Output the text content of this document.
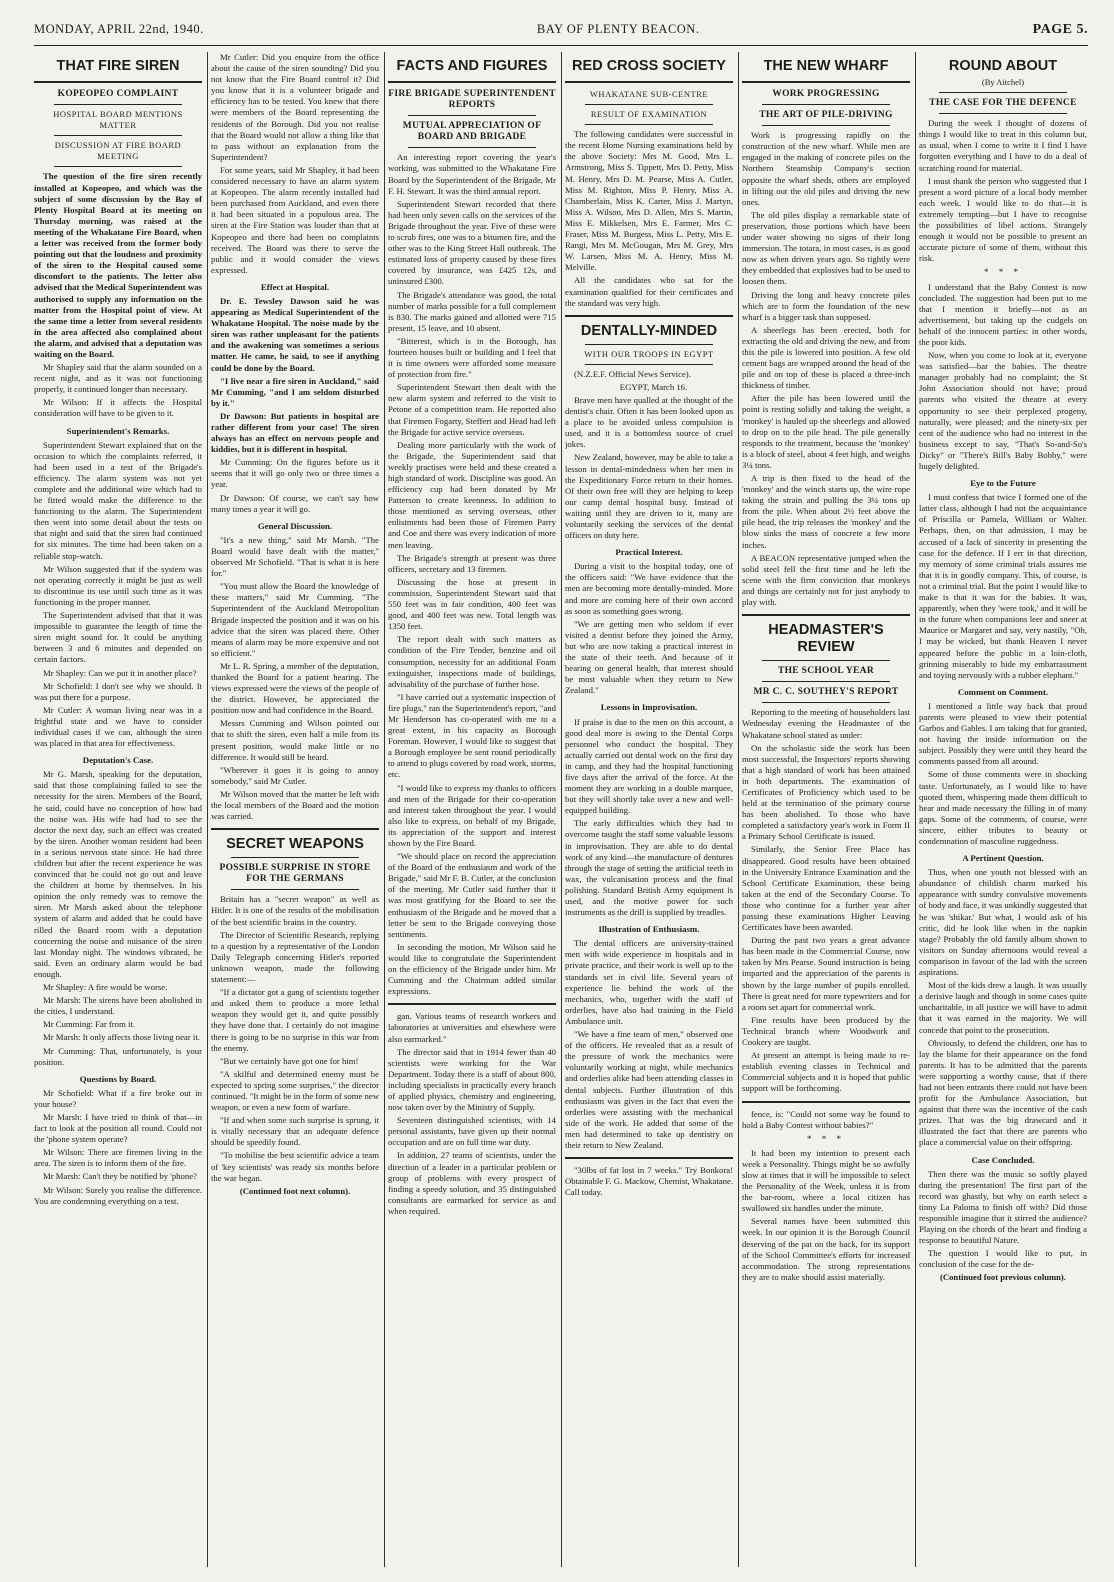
MONDAY, APRIL 22nd, 1940.	BAY OF PLENTY BEACON.	PAGE 5.
THAT FIRE SIREN
KOPEOPEO COMPLAINT
HOSPITAL BOARD MENTIONS MATTER
DISCUSSION AT FIRE BOARD MEETING

The question of the fire siren recently installed at Kopeopeo, and which was the subject of some discussion by the Bay of Plenty Hospital Board at its meeting on Thursday morning, was raised at the meeting of the Whakatane Fire Board, when a letter was received from the former body pointing out that the loudness and proximity of the siren to the Hospital caused some discomfort to the patients. The letter also advised that the Medical Superintendent was authorised to supply any information on the matter from the Hospital point of view. At the same time a letter from several residents in the area affected also complained about the alarm, and advised that a deputation was waiting on the Board.

Mr Shapley said that the alarm sounded on a recent night, and as it was not functioning properly, it continued longer than necessary.

Mr Wilson: If it affects the Hospital consideration will have to be given to it.

Superintendent's Remarks.

Superintendent Stewart explained that on the occasion to which the complaints referred, it had been used in a test of the Brigade's efficiency. The alarm system was not yet complete and the additional wire which had to be fitted would make the difference to the functioning to the alarm. The Superintendent then went into some detail about the tests on that night and said that the siren had continued for six minutes. The time had been taken on a reliable stop-watch.

Mr Wilson suggested that if the system was not operating correctly it might be just as well to discontinue its use until such time as it was functioning in the proper manner.

The Superintendent advised that that it was impossible to guarantee the length of time the siren might sound for. It could be anything between 3 and 6 minutes and depended on certain factors.

Mr Shapley: Can we put it in another place?

Mr Schofield: I don't see why we should. It was put there for a purpose.

Mr Cutler: A woman living near was in a frightful state and we have to consider individual cases if we can, although the siren was placed in that area for effectiveness.

Deputation's Case.

Mr G. Marsh, speaking for the deputation, said that those complaining failed to see the necessity for the siren. Members of the Board, he said, could have no conception of how bad the noise was. His wife had had to see the doctor the next day, such an effect was created by the siren. Another woman resident had been in a serious nervous state since. He had three children but after the recent experience he was convinced that he could not go out and leave the children at home by themselves. In his opinion the only remedy was to remove the siren. Mr Marsh asked about the telephone system of alarm and added that he could have rilled the Board room with a deputation concerning the noise and nuisance of the siren last Monday night. The windows vibrated, he said. Even an ordinary alarm would be bad enough.

Mr Shapley: A fire would be worse.

Mr Marsh: The sirens have been abolished in the cities, I understand.

Mr Cumming: Far from it.

Mr Marsh: It only affects those living near it.

Mr Cumming: That, unfortunately, is your position.

Questions by Board.

Mr Schofield: What if a fire broke out in your house?

Mr Marsh: I have tried to think of that—in fact to look at the position all round. Could not the 'phone system operate?

Mr Wilson: There are firemen living in the area. The siren is to inform them of the fire.

Mr Marsh: Can't they be notified by 'phone?

Mr Wilson: Surely you realise the difference. You are condemning everything on a test.

Mr Cutler: Did you enquire from the office about the cause of the siren sounding? Did you not know that the Fire Board control it? Did you know that it is a volunteer brigade and efficiency has to be tested. You knew that there were members of the Board representing the residents of the Borough. Did you not realise that the Board would not allow a thing like that to pass without an explanation from the Superintendent?

For some years, said Mr Shapley, it had been considered necessary to have an alarm system at Kopeopeo. The alarm recently installed had been purchased from Auckland, and even there it had been situated in a populous area. The siren at the Fire Station was louder than that at Kopeopeo and there had been no complaints received. The Board was there to serve the public and it would consider the views expressed.

Effect at Hospital.

Dr. E. Tewsley Dawson said he was appearing as Medical Superintendent of the Whakatane Hospital. The noise made by the siren was rather unpleasant for the patients and the awakening was sometimes a serious matter. He came, he said, to see if anything could be done by the Board.

"I live near a fire siren in Auckland," said Mr Cumming, "and I am seldom disturbed by it."

Dr Dawson: But patients in hospital are rather different from your case! The siren always has an effect on nervous people and kiddies, but it is different in hospital.

Mr Cumming: On the figures before us it seems that it will go only two or three times a year.

Dr Dawson: Of course, we can't say how many times a year it will go.

General Discussion.

"It's a new thing," said Mr Marsh. "The Board would have dealt with the matter," observed Mr Schofield. "That is what it is here for."

"You must allow the Board the knowledge of these matters," said Mr Cumming. "The Superintendent of the Auckland Metropolitan Brigade inspected the position and it was on his advice that the siren was placed there. Other means of alarm may be more expensive and not so efficient."

Mr L. R. Spring, a member of the deputation, thanked the Board for a patient hearing. The views expressed were the views of the people of the district. However, he appreciated the position now and had confidence in the Board.

Messrs Cumming and Wilson pointed out that to shift the siren, even half a mile from its present position, would make little or no difference. It would still be heard.

"Wherever it goes it is going to annoy somebody," said Mr Cutler.

Mr Wilson moved that the matter be left with the local members of the Board and the motion was carried.

SECRET WEAPONS
POSSIBLE SURPRISE IN STORE FOR THE GERMANS

Britain has a "secret weapon" as well as Hitler. It is one of the results of the mobilisation of the best scientific brains in the country.

The Director of Scientific Research, replying to a question by a representative of the London Daily Telegraph concerning Hitler's reported unknown weapon, made the following statement:—

"If a dictator got a gang of scientists together and asked them to produce a more lethal weapon they would get it, and quite possibly they have done that. I certainly do not imagine there is going to be no surprise in this war from the enemy.

"But we certainly have got one for him!

"A skilful and determined enemy must be expected to spring some surprises," the director continued. "It might be in the form of some new weapon, or even a new form of warfare.

"If and when some such surprise is sprung, it is vitally necessary that an adequate defence should be speedily found.

"To mobilise the best scientific advice a team of 'key scientists' was ready six months before the war began.

(Continued foot next column).
FACTS AND FIGURES
FIRE BRIGADE SUPERINTENDENT REPORTS
MUTUAL APPRECIATION OF BOARD AND BRIGADE

An interesting report covering the year's working, was submitted to the Whakatane Fire Board by the Superintendent of the Brigade, Mr F. H. Stewart. It was the third annual report.

Superintendent Stewart recorded that there had been only seven calls on the services of the Brigade throughout the year. Five of these were to scrub fires, one was to a bitumen fire, and the other was to the King Street Hall outbreak. The estimated loss of property caused by these fires covered by insurance, was £425 12s, and uninsured £300.

The Brigade's attendance was good, the total number of marks possible for a full complement is 830. The marks gained and allotted were 715 present, 15 leave, and 10 absent.

"Bitterest, which is in the Borough, has fourteen houses built or building and I feel that it is time owners were afforded some measure of protection from fire."

Superintendent Stewart then dealt with the new alarm system and referred to the visit to Petone of a competition team. He reported also that Firemen Fogarty, Steffert and Head had left the Brigade for active service overseas.

Dealing more particularly with the work of the Brigade, the Superintendent said that weekly practises were held and these created a high standard of work. Discipline was good. An efficiency cup had been donated by Mr Patterson to create keenness. In addition to those mentioned as serving overseas, other enlistments had been those of Firemen Parry and Coe and there was every indication of more men leaving.

The Brigade's strength at present was three officers, secretary and 13 firemen.

Discussing the hose at present in commission, Superintendent Stewart said that 550 feet was in fair condition, 400 feet was good, and 400 feet was new. Total length was 1350 feet.

The report dealt with such matters as condition of the Fire Tender, benzine and oil consumption, necessity for an additional Foam extinguisher, inspections made of buildings, advisability of the purchase of further hose.

"I have carried out a systematic inspection of fire plugs," ran the Superintendent's report, "and Mr Henderson has co-operated with me to a great extent, in his capacity as Borough Foreman. However, I would like to suggest that a Borough employee be sent round periodically to attend to plugs covered by road work, storms, etc.

"I would like to express my thanks to officers and men of the Brigade for their co-operation and interest taken throughout the year. I would also like to express, on behalf of my Brigade, its appreciation of the support and interest shown by the Fire Board.

"We should place on record the appreciation of the Board of the enthusiasm and work of the Brigade," said Mr F. B. Cutler, at the conclusion of the meeting. Mr Cutler said further that it was most gratifying for the Board to see the enthusiasm of the Brigade and he moved that a letter be sent to the Brigade conveying those sentiments.

In seconding the motion, Mr Wilson said he would like to congratulate the Superintendent on the efficiency of the Brigade under him. Mr Cumming and the Chairman added similar expressions.

gan. Various teams of research workers and laboratories at universities and elsewhere were also earmarked."

The director said that in 1914 fewer than 40 scientists were working for the War Department. Today there is a staff of about 800, including specialists in practically every branch of applied physics, chemistry and engineering, now taken over by the Ministry of Supply.

Seventeen distinguished scientists, with 14 personal assistants, have given up their normal occupation and are on full time war duty.

In addition, 27 teams of scientists, under the direction of a leader in a particular problem or group of problems with every prospect of finding a speedy solution, and 35 distinguished consultants are earmarked for service as and when required.

RED CROSS SOCIETY
WHAKATANE SUB-CENTRE
RESULT OF EXAMINATION

The following candidates were successful in the recent Home Nursing examinations held by the above Society: Mrs M. Good, Mrs L. Armstrong, Miss S. Tippett, Mrs D. Petty, Miss M. Henry, Mrs D. M. Pearse, Miss A. Cutler, Miss M. Righton, Miss P. Henry, Miss A. Chamberlain, Miss K. Carter, Miss J. Martyn, Miss A. Wilson, Mrs D. Allen, Mrs S. Martin, Miss E. Mikkelsen, Mrs E. Farmer, Mrs C. Fraser, Miss M. Burgess, Miss L. Petty, Mrs E. Rangi, Mrs M. McGougan, Mrs M. Grey, Mrs W. Larsen, Miss M. A. Henry, Miss M. Melville.

All the candidates who sat for the examination qualified for their certificates and the standard was very high.

DENTALLY-MINDED
WITH OUR TROOPS IN EGYPT

(N.Z.E.F. Official News Service).

EGYPT, March 16.

Brave men have qualled at the thought of the dentist's chair. Often it has been looked upon as a place to be avoided unless compulsion is used, and it is a bottomless source of cruel jokes.

New Zealand, however, may be able to take a lesson in dental-mindedness when her men in the Expeditionary Force return to their homes. Of their own free will they are helping to keep our camp dental hospital busy. Instead of waiting until they are driven to it, many are voluntarily seeking the services of the dental officers on duty here.

Practical Interest.

During a visit to the hospital today, one of the officers said: "We have evidence that the men are becoming more dentally-minded. More and more are coming here of their own accord as soon as something goes wrong.

"We are getting men who seldom if ever visited a dentist before they joined the Army, but who are now taking a practical interest in the state of their teeth. And because of it bearing on general health, that interest should be most valuable when they return to New Zealand."

Lessons in Improvisation.

If praise is due to the men on this account, a good deal more is owing to the Dental Corps personnel who conduct the hospital. They actually carried out dental work on the first day in camp, and they had the hospital functioning five days after the arrival of the force. At the moment they are working in a double marquee, but they will shortly take over a new and well-equipped building.

The early difficulties which they had to overcome taught the staff some valuable lessons in improvisation. They are able to do dental work of any kind—the manufacture of dentures through the stage of setting the artificial teeth in wax, the vulcanisation process and the final polishing. Standard British Army equipment is used, and the motive power for such instruments as the drill is supplied by treadles.

Illustration of Enthusiasm.

The dental officers are university-trained men with wide experience in hospitals and in private practice, and their work is well up to the standards set in civil life. Several years of experience lie behind the work of the mechanics, who, together with the staff of orderlies, have also had training in the Field Ambulance unit.

"We have a fine team of men," observed one of the officers. He revealed that as a result of the pressure of work the mechanics were voluntarily working at night, while mechanics and orderlies alike had been attending classes in dental subjects. Further illustration of this enthusiasm was given in the fact that even the orderlies were assisting with the mechanical side of the work. He added that some of the men had determined to take up dentistry on their return to New Zealand.

"30lbs of fat lost in 7 weeks." Try Bonkora! Obtainable F. G. Mackow, Chemist, Whakatane. Call today.

THE NEW WHARF
WORK PROGRESSING
THE ART OF PILE-DRIVING

Work is progressing rapidly on the construction of the new wharf. While men are engaged in the making of concrete piles on the Northern Steamship Company's section opposite the wharf sheds, others are employed in lifting out the old piles and driving the new ones.

The old piles display a remarkable state of preservation, those portions which have been under water showing no signs of their long immersion. The totara, in most cases, is as good now as when driven years ago. So tightly were they embedded that explosives had to be used to loosen them.

Driving the long and heavy concrete piles which are to form the foundation of the new wharf is a bigger task than supposed.

A sheerlegs has been erected, both for extracting the old and driving the new, and from this the pile is lowered into position. A few old cement bags are wrapped around the head of the pile and on top of these is placed a three-inch thickness of timber.

After the pile has been lowered until the point is resting solidly and taking the weight, a 'monkey' is hauled up the sheerlegs and allowed to drop on to the pile head. The pile generally responds to the treatment, because the 'monkey' is a block of steel, about 4 feet high, and weighs 3¼ tons.

A trip is then fixed to the head of the 'monkey' and the winch starts up, the wire rope taking the strain and pulling the 3¼ tons up from the pile. When about 2½ feet above the pile head, the trip releases the 'monkey' and the blow sinks the mass of concrete a few more inches.

A BEACON representative jumped when the solid steel fell the first time and he left the scene with the firm conviction that monkeys and things are certainly not for just anybody to play with.

HEADMASTER'S REVIEW
THE SCHOOL YEAR
MR C. C. SOUTHEY'S REPORT

Reporting to the meeting of householders last Wednesday evening the Headmaster of the Whakatane school stated as under:

On the scholastic side the work has been most successful, the Inspectors' reports showing that a high standard of work has been attained in both departments. The examination of Certificates of Proficiency which used to be held at the termination of the primary course has been abolished. To those who have completed a satisfactory year's work in Form II a Primary School Certificate is issued.

Similarly, the Senior Free Place has disappeared. Good results have been obtained in the University Entrance Examination and the School Certificate Examination, these being taken at the end of the Secondary Course. To those who continue for a further year after passing these examinations Higher Leaving Certificates have been awarded.

During the past two years a great advance has been made in the Commercial Course, now taken by Mrs Pearse. Sound instruction is being imparted and the appreciation of the parents is shown by the large number of pupils enrolled. There is great need for more typewriters and for a room set apart for commercial work.

Fine results have been produced by the Technical branch where Woodwork and Cookery are taught.

At present an attempt is being made to re-establish evening classes in Technical and Commercial subjects and it is hoped that public support will be forthcoming.

fence, is: "Could not some way be found to hold a Baby Contest without babies?"

* * *

It had been my intention to present each week a Personality. Things might be so awfully slow at times that it will be impossible to select the Personality of the Week, unless it is from the bar-room, where a local citizen has swallowed six handles under the minute.

Several names have been submitted this week. In our opinion it is the Borough Council deserving of the pat on the back, for its support of the School Committee's efforts for increased accommodation. The strong representations they are to make should assist materially.

ROUND ABOUT
(By Aitchel)
THE CASE FOR THE DEFENCE

During the week I thought of dozens of things I would like to treat in this column but, as usual, when I come to write it I find I have forgotten everything and I have to do a deal of scratching round for material.

I must thank the person who suggested that I present a word picture of a local body member each week. I would like to do that—it is extremely tempting—but I have to recognise the possibilities of libel actions. Strangely enough it would not be possible to present an accurate picture of some of them, without this risk.

* * *

I understand that the Baby Contest is now concluded. The suggestion had been put to me that I mention it briefly—not as an advertisement, but taking up the cudgels on behalf of the innocent parties: in other words, the poor kids.

Now, when you come to look at it, everyone was satisfied—bar the babies. The theatre manager probably had no complaint; the St John Association should not have; proud parents who visited the theatre at every opportunity to see their perplexed progeny, naturally, were pleased; and the ninety-six per cent of the audience who had no interest in the business except to say, "That's So-and-So's Dicky" or "There's Bill's Baby Bobby," were hugely delighted.

Eye to the Future

I must confess that twice I formed one of the latter class, although I had not the acquaintance of Priscilla or Pamela, William or Walter. Perhaps, then, on that admission, I may be accused of a lack of sincerity in presenting the case for the defence. If I err in that direction, my memory of some criminal trials assures me that it is in goodly company. This, of course, is not a criminal trial. But the point I would like to make is that it was for the babies. It was, apparently, when they 'were took,' and it will be in the future when companions leer and sneer at Maurice or Margaret and say, very nastily, "Oh, I may be wicked, but thank Heaven I never appeared before the public in a loin-cloth, grinning miserably to hide my embarrassment and toying nervously with a rubber elephant."

Comment on Comment.

I mentioned a little way back that proud parents were pleased to view their potential Garbos and Gables. I am taking that for granted, not having the inside information on the subject. Possibly they were until they heard the comments passed from all around.

Some of those comments were in shocking taste. Unfortunately, as I would like to have quoted them, whispering made them difficult to hear and made necessary the filling in of many gaps. Some of the comments, of course, were sincere, either tributes to beauty or condemnation of masculine ruggedness.

A Pertinent Question.

Thus, when one youth not blessed with an abundance of childish charm marked his appearance with sundry convulsive movements of body and face, it was unkindly suggested that he was 'shikar.' But what, I would ask of his critic, did he look like when in the napkin stage? Probably the old family album shown to visitors on Sunday afternoons would reveal a comparison in favour of the lad with the screen aspirations.

Most of the kids drew a laugh. It was usually a derisive laugh and though in some cases quite uncharitable, in all justice we will have to admit that it was earned in the majority. We will concede that point to the prosecution.

Obviously, to defend the children, one has to lay the blame for their appearance on the fond parents. It has to be admitted that the parents were supporting a worthy cause, that if there had not been entrants there could not have been profit for the Ambulance Association, but against that there was the incentive of the cash prizes. That was the big drawcard and it illustrated the fact that there are parents who place a commercial value on their offspring.

Case Concluded.

Then there was the music so softly played during the presentation! The first part of the record was ghastly, but why on earth select a tinny La Paloma to finish off with? Did those responsible imagine that it stirred the audience? Playing on the chords of the heart and finding a response to beautiful Nature.

The question I would like to put, in conclusion of the case for the de-

(Continued foot previous column).
